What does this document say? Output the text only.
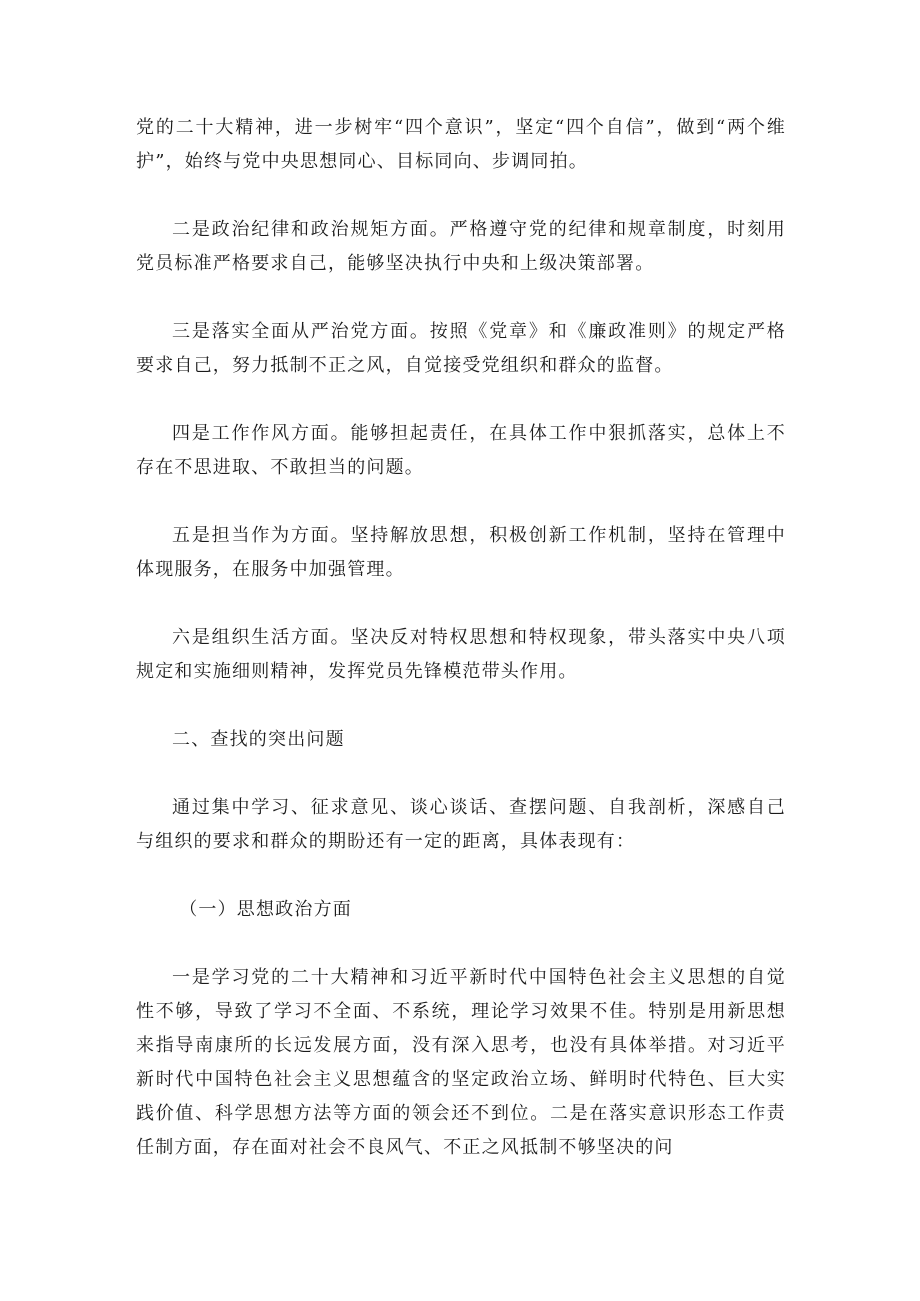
党的二十大精神，进一步树牢“四个意识”，坚定“四个自信”，做到“两个维护”，始终与党中央思想同心、目标同向、步调同拍。

二是政治纪律和政治规矩方面。严格遵守党的纪律和规章制度，时刻用党员标准严格要求自己，能够坚决执行中央和上级决策部署。

三是落实全面从严治党方面。按照《党章》和《廉政准则》的规定严格要求自己，努力抵制不正之风，自觉接受党组织和群众的监督。

四是工作作风方面。能够担起责任，在具体工作中狠抓落实，总体上不存在不思进取、不敢担当的问题。

五是担当作为方面。坚持解放思想，积极创新工作机制，坚持在管理中体现服务，在服务中加强管理。

六是组织生活方面。坚决反对特权思想和特权现象，带头落实中央八项规定和实施细则精神，发挥党员先锋模范带头作用。

二、查找的突出问题

通过集中学习、征求意见、谈心谈话、查摆问题、自我剖析，深感自己与组织的要求和群众的期盼还有一定的距离，具体表现有：

（一）思想政治方面

一是学习党的二十大精神和习近平新时代中国特色社会主义思想的自觉性不够，导致了学习不全面、不系统，理论学习效果不佳。特别是用新思想来指导南康所的长远发展方面，没有深入思考，也没有具体举措。对习近平新时代中国特色社会主义思想蕴含的坚定政治立场、鲜明时代特色、巨大实践价值、科学思想方法等方面的领会还不到位。二是在落实意识形态工作责任制方面，存在面对社会不良风气、不正之风抵制不够坚决的问
